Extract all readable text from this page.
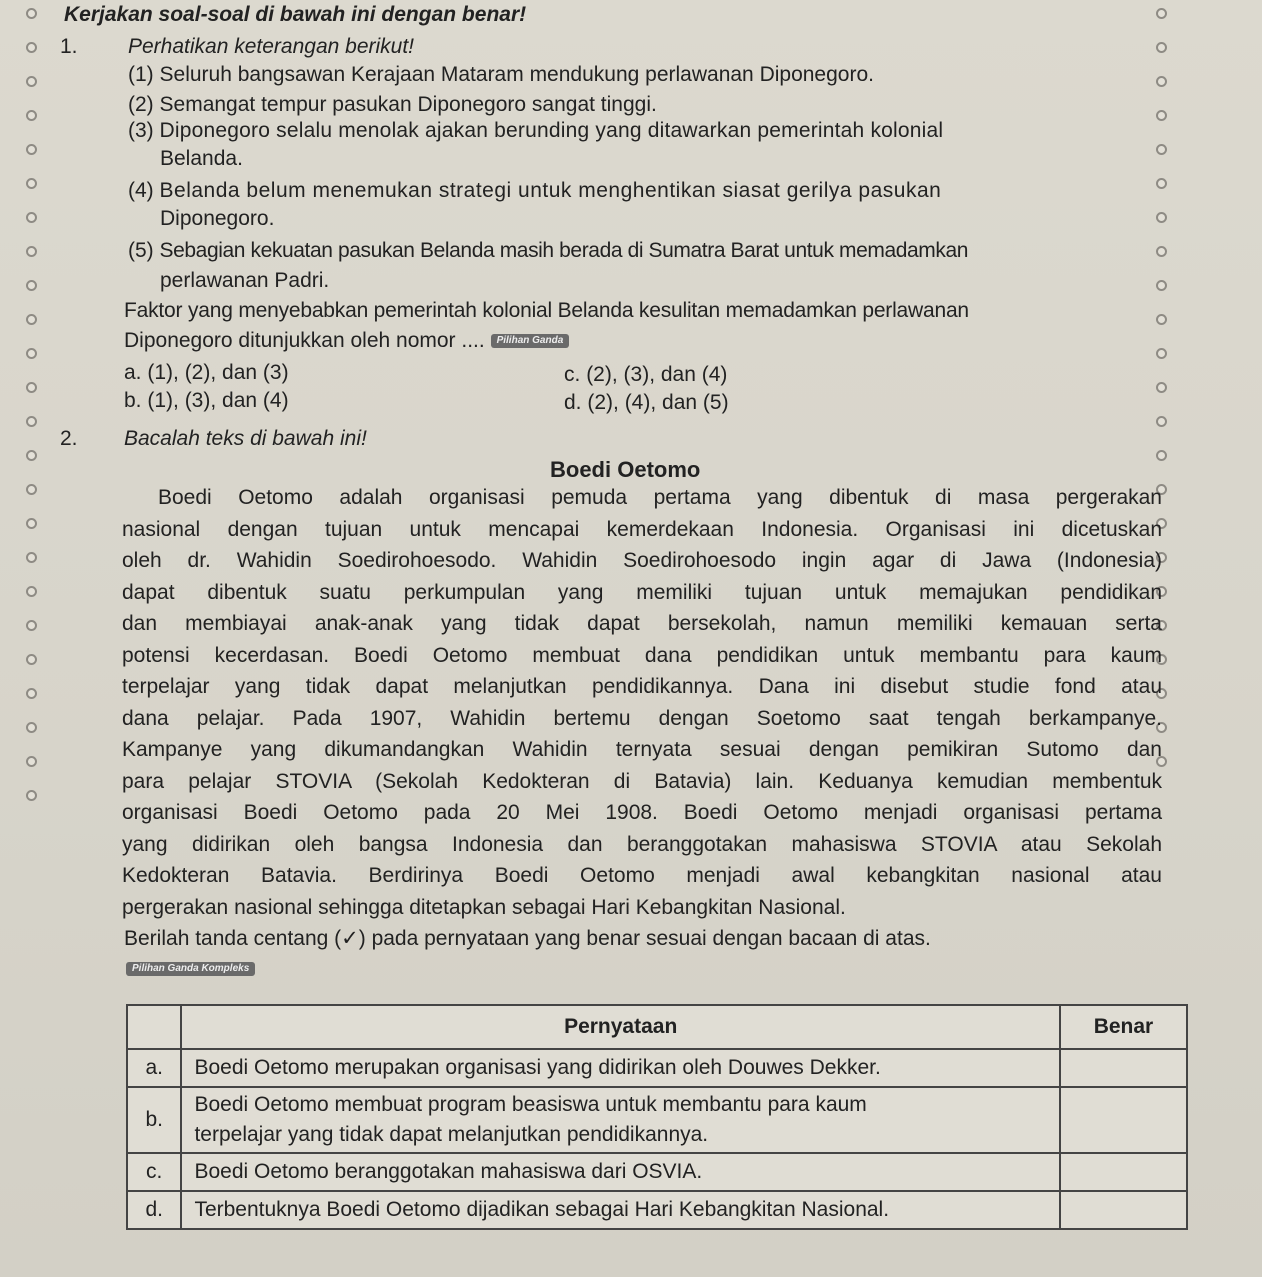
Kerjakan soal-soal di bawah ini dengan benar!
1. Perhatikan keterangan berikut!
(1) Seluruh bangsawan Kerajaan Mataram mendukung perlawanan Diponegoro.
(2) Semangat tempur pasukan Diponegoro sangat tinggi.
(3) Diponegoro selalu menolak ajakan berunding yang ditawarkan pemerintah kolonial
Belanda.
(4) Belanda belum menemukan strategi untuk menghentikan siasat gerilya pasukan
Diponegoro.
(5) Sebagian kekuatan pasukan Belanda masih berada di Sumatra Barat untuk memadamkan
perlawanan Padri.
Faktor yang menyebabkan pemerintah kolonial Belanda kesulitan memadamkan perlawanan
Diponegoro ditunjukkan oleh nomor .... Pilihan Ganda
a. (1), (2), dan (3)
b. (1), (3), dan (4)
c. (2), (3), dan (4)
d. (2), (4), dan (5)
2. Bacalah teks di bawah ini!
Boedi Oetomo
Boedi Oetomo adalah organisasi pemuda pertama yang dibentuk di masa pergerakan
nasional dengan tujuan untuk mencapai kemerdekaan Indonesia. Organisasi ini dicetuskan
oleh dr. Wahidin Soedirohoesodo. Wahidin Soedirohoesodo ingin agar di Jawa (Indonesia)
dapat dibentuk suatu perkumpulan yang memiliki tujuan untuk memajukan pendidikan
dan membiayai anak-anak yang tidak dapat bersekolah, namun memiliki kemauan serta
potensi kecerdasan. Boedi Oetomo membuat dana pendidikan untuk membantu para kaum
terpelajar yang tidak dapat melanjutkan pendidikannya. Dana ini disebut studie fond atau
dana pelajar. Pada 1907, Wahidin bertemu dengan Soetomo saat tengah berkampanye.
Kampanye yang dikumandangkan Wahidin ternyata sesuai dengan pemikiran Sutomo dan
para pelajar STOVIA (Sekolah Kedokteran di Batavia) lain. Keduanya kemudian membentuk
organisasi Boedi Oetomo pada 20 Mei 1908. Boedi Oetomo menjadi organisasi pertama
yang didirikan oleh bangsa Indonesia dan beranggotakan mahasiswa STOVIA atau Sekolah
Kedokteran Batavia. Berdirinya Boedi Oetomo menjadi awal kebangkitan nasional atau
pergerakan nasional sehingga ditetapkan sebagai Hari Kebangkitan Nasional.
Berilah tanda centang (✓) pada pernyataan yang benar sesuai dengan bacaan di atas.
Pilihan Ganda Kompleks
	Pernyataan	Benar
a.	Boedi Oetomo merupakan organisasi yang didirikan oleh Douwes Dekker.	
b.	Boedi Oetomo membuat program beasiswa untuk membantu para kaum
terpelajar yang tidak dapat melanjutkan pendidikannya.	

c.	Boedi Oetomo beranggotakan mahasiswa dari OSVIA.	
d.	Terbentuknya Boedi Oetomo dijadikan sebagai Hari Kebangkitan Nasional.	
